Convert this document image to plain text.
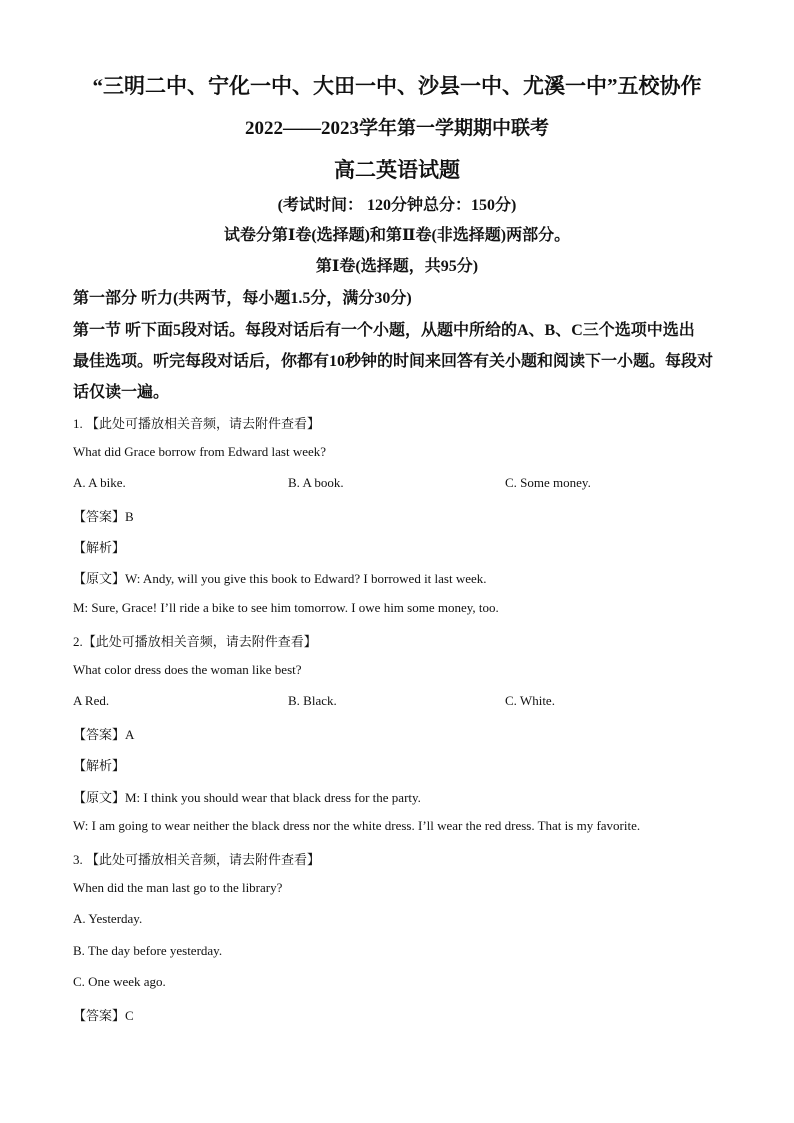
“三明二中、宁化一中、大田一中、沙县一中、尤溪一中”五校协作
2022——2023学年第一学期期中联考
高二英语试题
(考试时间： 120分钟总分：150分)
试卷分第Ⅰ卷(选择题)和第Ⅱ卷(非选择题)两部分。
第Ⅰ卷(选择题，共95分)
第一部分 听力(共两节，每小题1.5分，满分30分)
第一节 听下面5段对话。每段对话后有一个小题，从题中所给的A、B、C三个选项中选出
最佳选项。听完每段对话后，你都有10秒钟的时间来回答有关小题和阅读下一小题。每段对
话仅读一遍。
1. 【此处可播放相关音频，请去附件查看】
What did Grace borrow from Edward last week?
A. A bike.	B. A book.	C. Some money.
【答案】B
【解析】
【原文】W: Andy, will you give this book to Edward? I borrowed it last week.
M: Sure, Grace! I’ll ride a bike to see him tomorrow. I owe him some money, too.
2.【此处可播放相关音频，请去附件查看】
What color dress does the woman like best?
A Red.	B. Black.	C. White.
【答案】A
【解析】
【原文】M: I think you should wear that black dress for the party.
W: I am going to wear neither the black dress nor the white dress. I’ll wear the red dress. That is my favorite.
3. 【此处可播放相关音频，请去附件查看】
When did the man last go to the library?
A. Yesterday.
B. The day before yesterday.
C. One week ago.
【答案】C
